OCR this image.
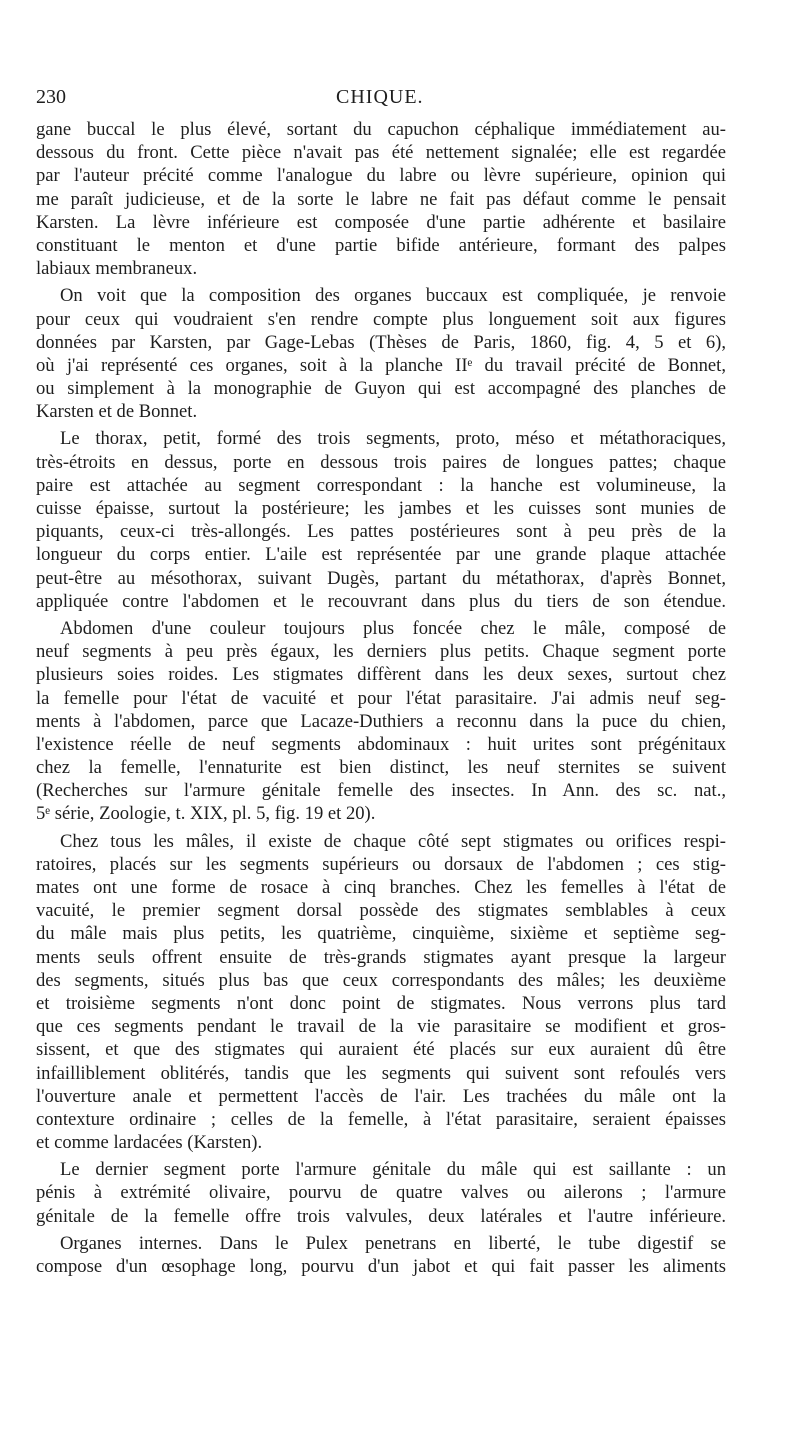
230	CHIQUE.
gane buccal le plus élevé, sortant du capuchon céphalique immédiatement au-
dessous du front. Cette pièce n'avait pas été nettement signalée; elle est regardée
par l'auteur précité comme l'analogue du labre ou lèvre supérieure, opinion qui
me paraît judicieuse, et de la sorte le labre ne fait pas défaut comme le pensait
Karsten. La lèvre inférieure est composée d'une partie adhérente et basilaire
constituant le menton et d'une partie bifide antérieure, formant des palpes
labiaux membraneux.
On voit que la composition des organes buccaux est compliquée, je renvoie
pour ceux qui voudraient s'en rendre compte plus longuement soit aux figures
données par Karsten, par Gage-Lebas (Thèses de Paris, 1860, fig. 4, 5 et 6),
où j'ai représenté ces organes, soit à la planche IIᵉ du travail précité de Bonnet,
ou simplement à la monographie de Guyon qui est accompagné des planches de
Karsten et de Bonnet.
Le thorax, petit, formé des trois segments, proto, méso et métathoraciques,
très-étroits en dessus, porte en dessous trois paires de longues pattes; chaque
paire est attachée au segment correspondant : la hanche est volumineuse, la
cuisse épaisse, surtout la postérieure; les jambes et les cuisses sont munies de
piquants, ceux-ci très-allongés. Les pattes postérieures sont à peu près de la
longueur du corps entier. L'aile est représentée par une grande plaque attachée
peut-être au mésothorax, suivant Dugès, partant du métathorax, d'après Bonnet,
appliquée contre l'abdomen et le recouvrant dans plus du tiers de son étendue.
Abdomen d'une couleur toujours plus foncée chez le mâle, composé de
neuf segments à peu près égaux, les derniers plus petits. Chaque segment porte
plusieurs soies roides. Les stigmates diffèrent dans les deux sexes, surtout chez
la femelle pour l'état de vacuité et pour l'état parasitaire. J'ai admis neuf seg-
ments à l'abdomen, parce que Lacaze-Duthiers a reconnu dans la puce du chien,
l'existence réelle de neuf segments abdominaux : huit urites sont prégénitaux
chez la femelle, l'ennaturite est bien distinct, les neuf sternites se suivent
(Recherches sur l'armure génitale femelle des insectes. In Ann. des sc. nat.,
5ᵉ série, Zoologie, t. XIX, pl. 5, fig. 19 et 20).
Chez tous les mâles, il existe de chaque côté sept stigmates ou orifices respi-
ratoires, placés sur les segments supérieurs ou dorsaux de l'abdomen ; ces stig-
mates ont une forme de rosace à cinq branches. Chez les femelles à l'état de
vacuité, le premier segment dorsal possède des stigmates semblables à ceux
du mâle mais plus petits, les quatrième, cinquième, sixième et septième seg-
ments seuls offrent ensuite de très-grands stigmates ayant presque la largeur
des segments, situés plus bas que ceux correspondants des mâles; les deuxième
et troisième segments n'ont donc point de stigmates. Nous verrons plus tard
que ces segments pendant le travail de la vie parasitaire se modifient et gros-
sissent, et que des stigmates qui auraient été placés sur eux auraient dû être
infailliblement oblitérés, tandis que les segments qui suivent sont refoulés vers
l'ouverture anale et permettent l'accès de l'air. Les trachées du mâle ont la
contexture ordinaire ; celles de la femelle, à l'état parasitaire, seraient épaisses
et comme lardacées (Karsten).
Le dernier segment porte l'armure génitale du mâle qui est saillante : un
pénis à extrémité olivaire, pourvu de quatre valves ou ailerons ; l'armure
génitale de la femelle offre trois valvules, deux latérales et l'autre inférieure.
Organes internes. Dans le Pulex penetrans en liberté, le tube digestif se
compose d'un œsophage long, pourvu d'un jabot et qui fait passer les aliments
